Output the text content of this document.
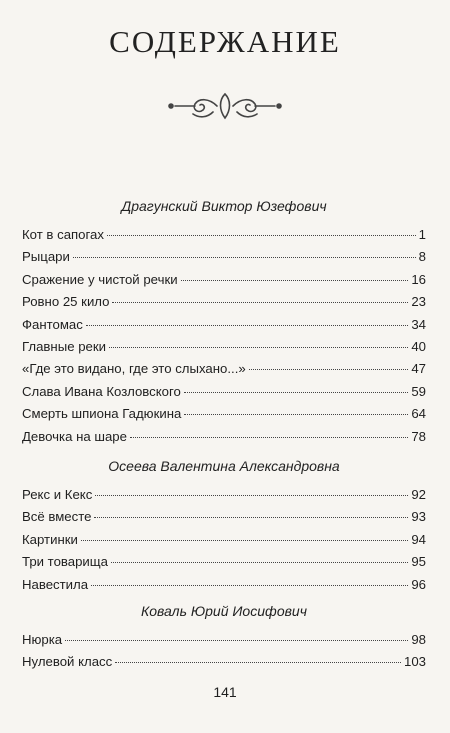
СОДЕРЖАНИЕ
Драгунский Виктор Юзефович
Кот в сапогах	1
Рыцари	8
Сражение у чистой речки	16
Ровно 25 кило	23
Фантомас	34
Главные реки	40
«Где это видано, где это слыхано...»	47
Слава Ивана Козловского	59
Смерть шпиона Гадюкина	64
Девочка на шаре	78
Осеева Валентина Александровна
Рекс и Кекс	92
Всё вместе	93
Картинки	94
Три товарища	95
Навестила	96
Коваль Юрий Иосифович
Нюрка	98
Нулевой класс	103
141
